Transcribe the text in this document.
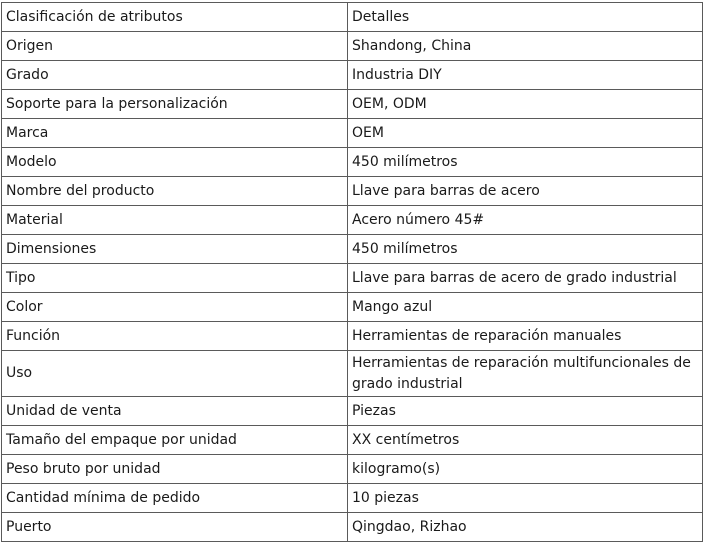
Clasificación de atributos	Detalles
Origen	Shandong, China
Grado	Industria DIY
Soporte para la personalización	OEM, ODM
Marca	OEM
Modelo	450 milímetros
Nombre del producto	Llave para barras de acero
Material	Acero número 45#
Dimensiones	450 milímetros
Tipo	Llave para barras de acero de grado industrial
Color	Mango azul
Función	Herramientas de reparación manuales
Uso	Herramientas de reparación multifuncionales de grado industrial
Unidad de venta	Piezas
Tamaño del empaque por unidad	XX centímetros
Peso bruto por unidad	kilogramo(s)
Cantidad mínima de pedido	10 piezas
Puerto	Qingdao, Rizhao
